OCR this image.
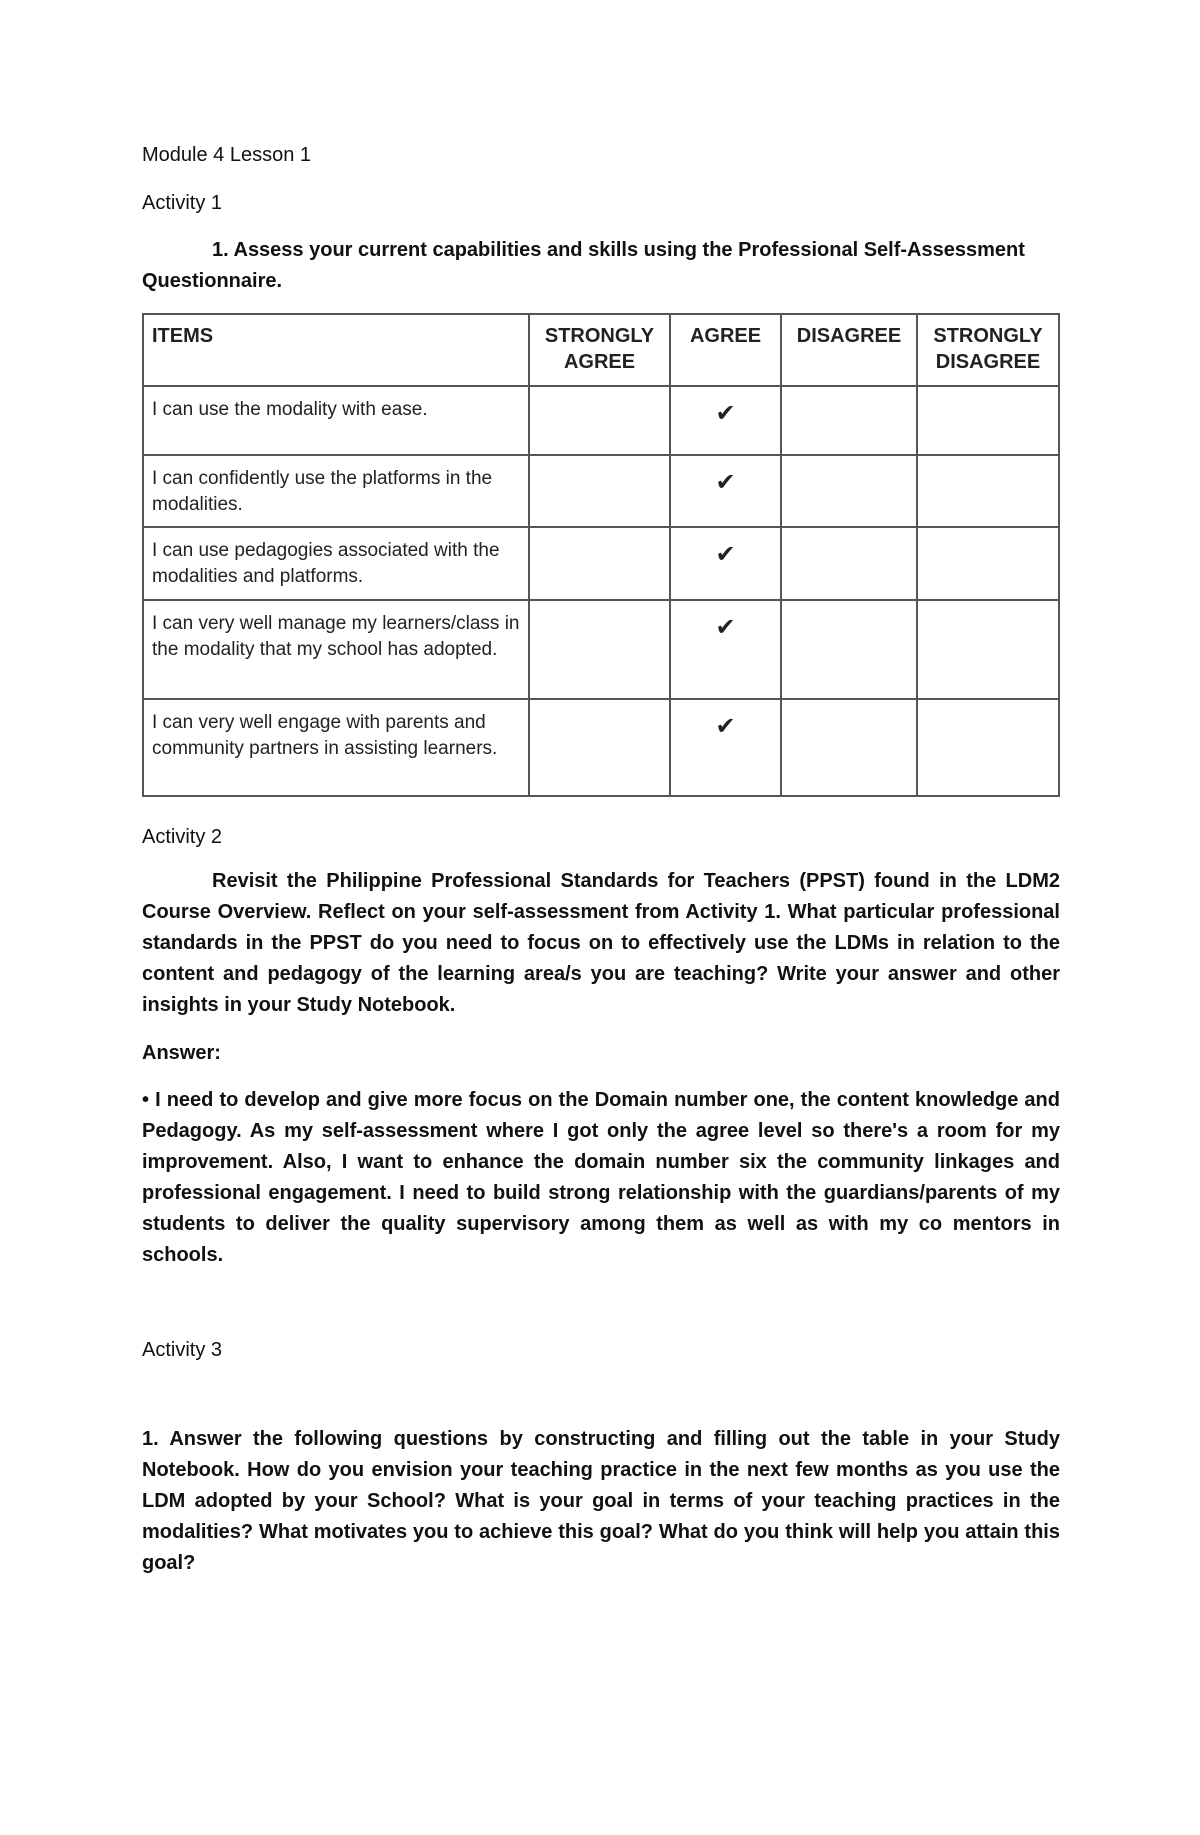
Module 4 Lesson 1
Activity 1
1. Assess your current capabilities and skills using the Professional Self-Assessment
Questionnaire.
ITEMS	STRONGLY AGREE	AGREE	DISAGREE	STRONGLY DISAGREE
I can use the modality with ease.		✔		
I can confidently use the platforms in the modalities.		✔		
I can use pedagogies associated with the modalities and platforms.		✔		
I can very well manage my learners/class in the modality that my school has adopted.		✔		
I can very well engage with parents and community partners in assisting learners.		✔		
Activity 2
Revisit the Philippine Professional Standards for Teachers (PPST) found in the LDM2 Course Overview. Reflect on your self-assessment from Activity 1. What particular professional standards in the PPST do you need to focus on to effectively use the LDMs in relation to the content and pedagogy of the learning area/s you are teaching? Write your answer and other insights in your Study Notebook.
Answer:
• I need to develop and give more focus on the Domain number one, the content knowledge and Pedagogy. As my self-assessment where I got only the agree level so there's a room for my improvement. Also, I want to enhance the domain number six the community linkages and professional engagement. I need to build strong relationship with the guardians/parents of my students to deliver the quality supervisory among them as well as with my co mentors in schools.
Activity 3
1. Answer the following questions by constructing and filling out the table in your Study Notebook. How do you envision your teaching practice in the next few months as you use the LDM adopted by your School? What is your goal in terms of your teaching practices in the modalities? What motivates you to achieve this goal? What do you think will help you attain this goal?
